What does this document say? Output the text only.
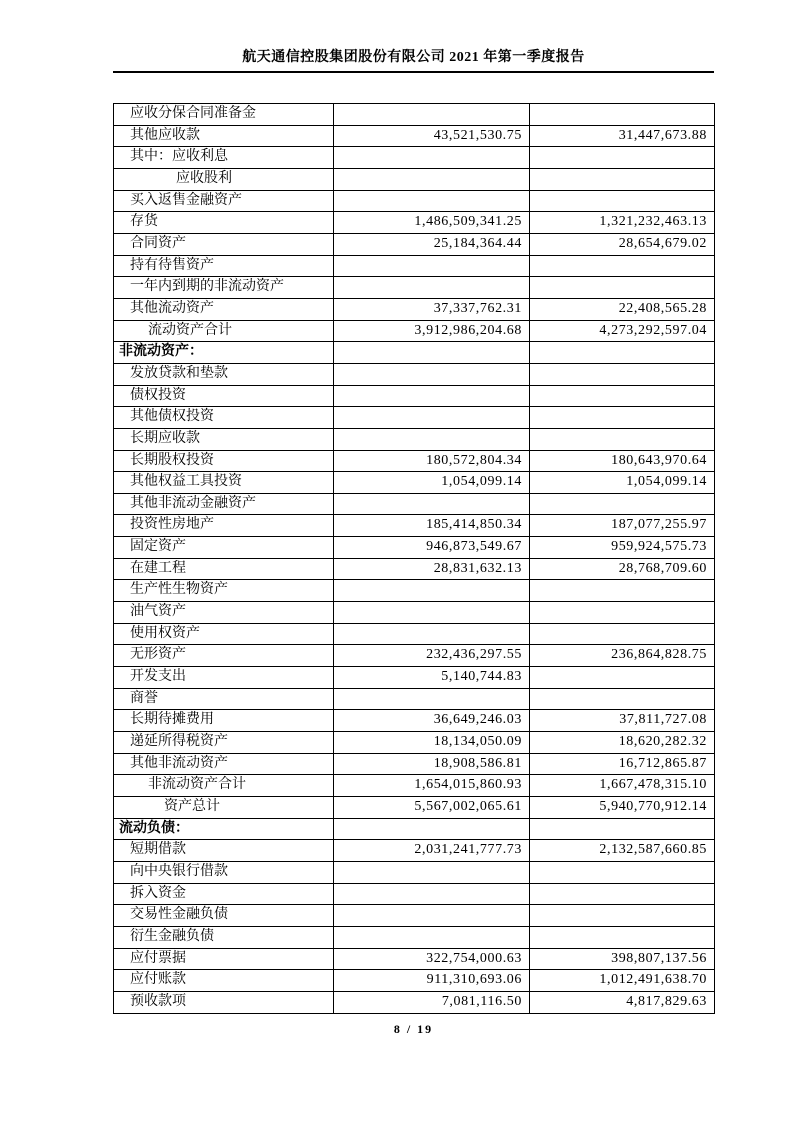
航天通信控股集团股份有限公司 2021 年第一季度报告
应收分保合同准备金		
其他应收款	43,521,530.75	31,447,673.88
其中：应收利息		
应收股利		
买入返售金融资产		
存货	1,486,509,341.25	1,321,232,463.13
合同资产	25,184,364.44	28,654,679.02
持有待售资产		
一年内到期的非流动资产		
其他流动资产	37,337,762.31	22,408,565.28
流动资产合计	3,912,986,204.68	4,273,292,597.04
非流动资产：		
发放贷款和垫款		
债权投资		
其他债权投资		
长期应收款		
长期股权投资	180,572,804.34	180,643,970.64
其他权益工具投资	1,054,099.14	1,054,099.14
其他非流动金融资产		
投资性房地产	185,414,850.34	187,077,255.97
固定资产	946,873,549.67	959,924,575.73
在建工程	28,831,632.13	28,768,709.60
生产性生物资产		
油气资产		
使用权资产		
无形资产	232,436,297.55	236,864,828.75
开发支出	5,140,744.83	
商誉		
长期待摊费用	36,649,246.03	37,811,727.08
递延所得税资产	18,134,050.09	18,620,282.32
其他非流动资产	18,908,586.81	16,712,865.87
非流动资产合计	1,654,015,860.93	1,667,478,315.10
资产总计	5,567,002,065.61	5,940,770,912.14
流动负债：		
短期借款	2,031,241,777.73	2,132,587,660.85
向中央银行借款		
拆入资金		
交易性金融负债		
衍生金融负债		
应付票据	322,754,000.63	398,807,137.56
应付账款	911,310,693.06	1,012,491,638.70
预收款项	7,081,116.50	4,817,829.63
8 / 19
